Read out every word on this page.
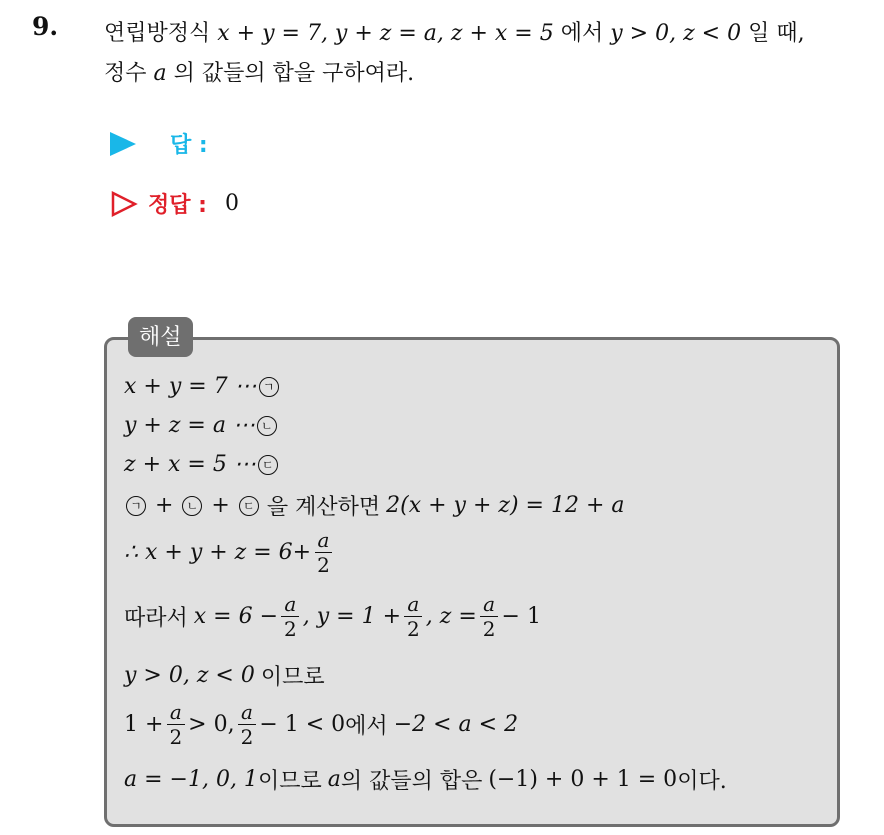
9. 연립방정식 x + y = 7, y + z = a, z + x = 5 에서 y > 0, z < 0 일 때,
정수 a 의 값들의 합을 구하여라.
답 :
정답 : 0
해설
x + y = 7 ⋯ ㄱ
y + z = a ⋯ ㄴ
z + x = 5 ⋯ ㄷ
ㄱ + ㄴ + ㄷ 을 계산하면 2(x + y + z) = 12 + a
∴ $x + y + z = 6+ \frac{a}{2}$
따라서 $x = 6 - \frac{a}{2}$ , $y = 1 + \frac{a}{2}$ , $z = \frac{a}{2} - 1$
y > 0, z < 0 이므로
$1 + \frac{a}{2} > 0$, $\frac{a}{2} - 1 < 0$ 에서 −2 < a < 2
a = −1, 0, 1 이므로 a 의 값들의 합은 (−1) + 0 + 1 = 0 이다.
